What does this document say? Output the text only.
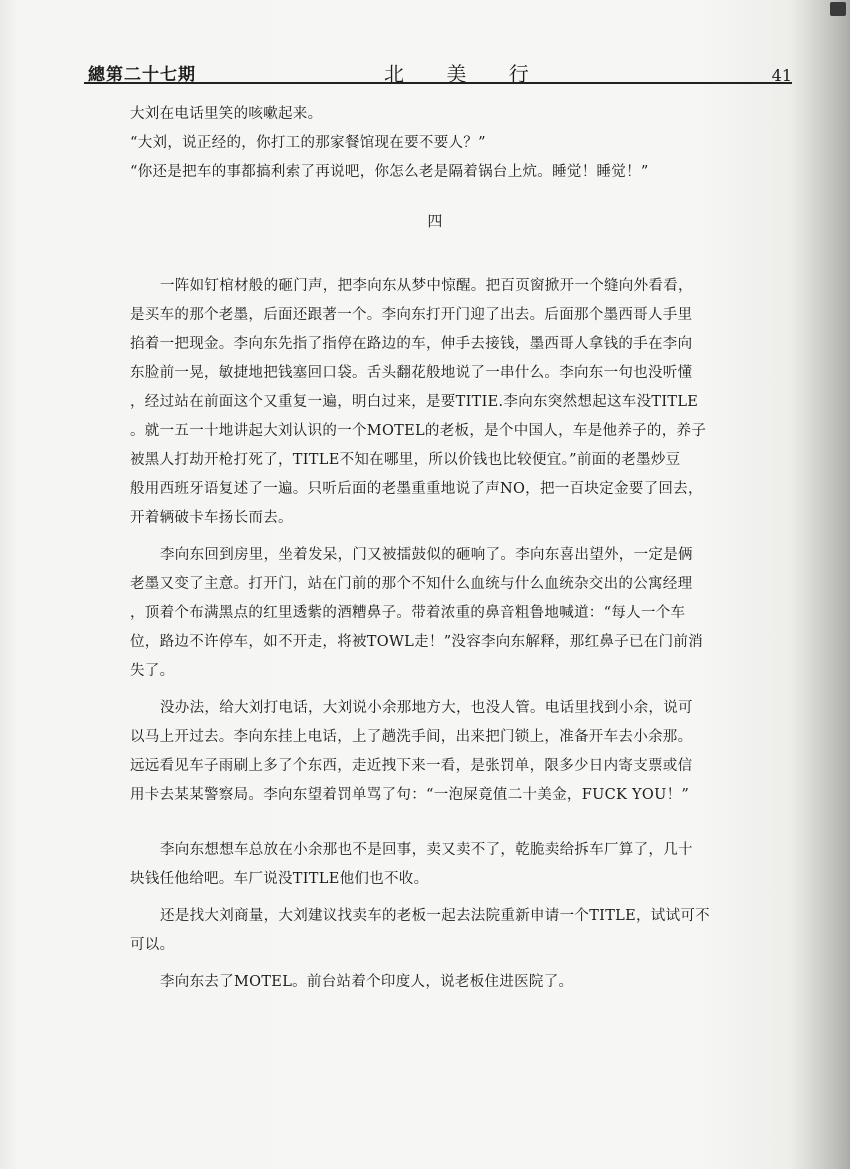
總第二十七期	北 美 行	41

大刘在电话里笑的咳嗽起来。

“大刘，说正经的，你打工的那家餐馆现在要不要人？”

“你还是把车的事都搞利索了再说吧，你怎么老是隔着锅台上炕。睡觉！睡觉！”

四

一阵如钉棺材般的砸门声，把李向东从梦中惊醒。把百页窗掀开一个缝向外看看，
是买车的那个老墨，后面还跟著一个。李向东打开门迎了出去。后面那个墨西哥人手里
掐着一把现金。李向东先指了指停在路边的车，伸手去接钱，墨西哥人拿钱的手在李向
东脸前一晃，敏捷地把钱塞回口袋。舌头翻花般地说了一串什么。李向东一句也没听懂
，经过站在前面这个又重复一遍，明白过来，是要TITIE.李向东突然想起这车没TITLE
。就一五一十地讲起大刘认识的一个MOTEL的老板，是个中国人，车是他养子的，养子
被黑人打劫开枪打死了，TITLE不知在哪里，所以价钱也比较便宜。”前面的老墨炒豆
般用西班牙语复述了一遍。只听后面的老墨重重地说了声NO，把一百块定金要了回去，
开着辆破卡车扬长而去。

李向东回到房里，坐着发呆，门又被擂鼓似的砸响了。李向东喜出望外，一定是俩
老墨又变了主意。打开门，站在门前的那个不知什么血统与什么血统杂交出的公寓经理
，顶着个布满黑点的红里透紫的酒糟鼻子。带着浓重的鼻音粗鲁地喊道：“每人一个车
位，路边不许停车，如不开走，将被TOWL走！”没容李向东解释，那红鼻子已在门前消
失了。

没办法，给大刘打电话，大刘说小余那地方大，也没人管。电话里找到小余，说可
以马上开过去。李向东挂上电话，上了趟洗手间，出来把门锁上，准备开车去小余那。
远远看见车子雨刷上多了个东西，走近拽下来一看，是张罚单，限多少日内寄支票或信
用卡去某某警察局。李向东望着罚单骂了句：“一泡屎竟值二十美金，FUCK YOU！”

李向东想想车总放在小余那也不是回事，卖又卖不了，乾脆卖给拆车厂算了，几十
块钱任他给吧。车厂说没TITLE他们也不收。

还是找大刘商量，大刘建议找卖车的老板一起去法院重新申请一个TITLE，试试可不
可以。

李向东去了MOTEL。前台站着个印度人，说老板住进医院了。
